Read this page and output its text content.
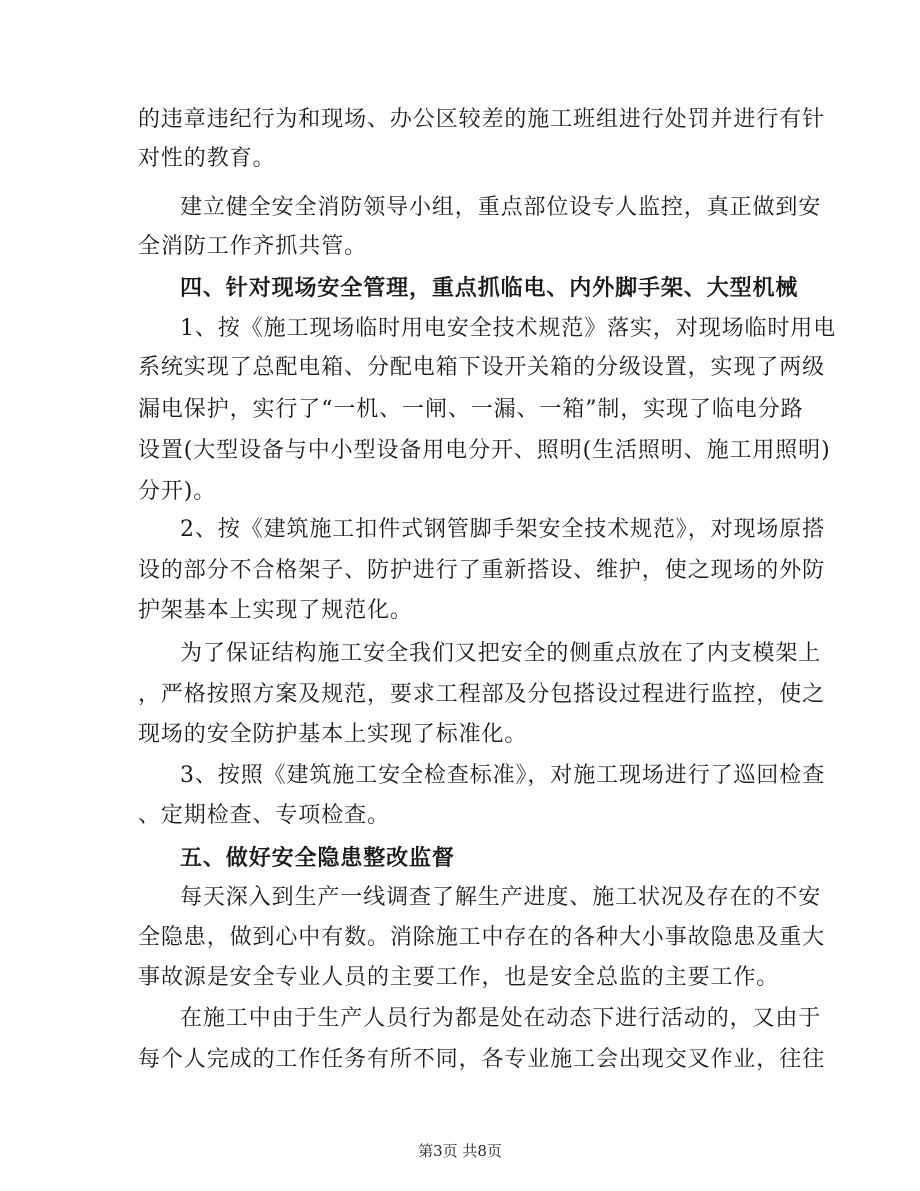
的违章违纪行为和现场、办公区较差的施工班组进行处罚并进行有针
对性的教育。
建立健全安全消防领导小组，重点部位设专人监控，真正做到安
全消防工作齐抓共管。
四、针对现场安全管理，重点抓临电、内外脚手架、大型机械
1、按《施工现场临时用电安全技术规范》落实，对现场临时用电
系统实现了总配电箱、分配电箱下设开关箱的分级设置，实现了两级
漏电保护，实行了“一机、一闸、一漏、一箱”制，实现了临电分路
设置(大型设备与中小型设备用电分开、照明(生活照明、施工用照明)
分开)。
2、按《建筑施工扣件式钢管脚手架安全技术规范》，对现场原搭
设的部分不合格架子、防护进行了重新搭设、维护，使之现场的外防
护架基本上实现了规范化。
为了保证结构施工安全我们又把安全的侧重点放在了内支模架上
，严格按照方案及规范，要求工程部及分包搭设过程进行监控，使之
现场的安全防护基本上实现了标准化。
3、按照《建筑施工安全检查标准》，对施工现场进行了巡回检查
、定期检查、专项检查。
五、做好安全隐患整改监督
每天深入到生产一线调查了解生产进度、施工状况及存在的不安
全隐患，做到心中有数。消除施工中存在的各种大小事故隐患及重大
事故源是安全专业人员的主要工作，也是安全总监的主要工作。
在施工中由于生产人员行为都是处在动态下进行活动的，又由于
每个人完成的工作任务有所不同，各专业施工会出现交叉作业，往往
第3页 共8页
